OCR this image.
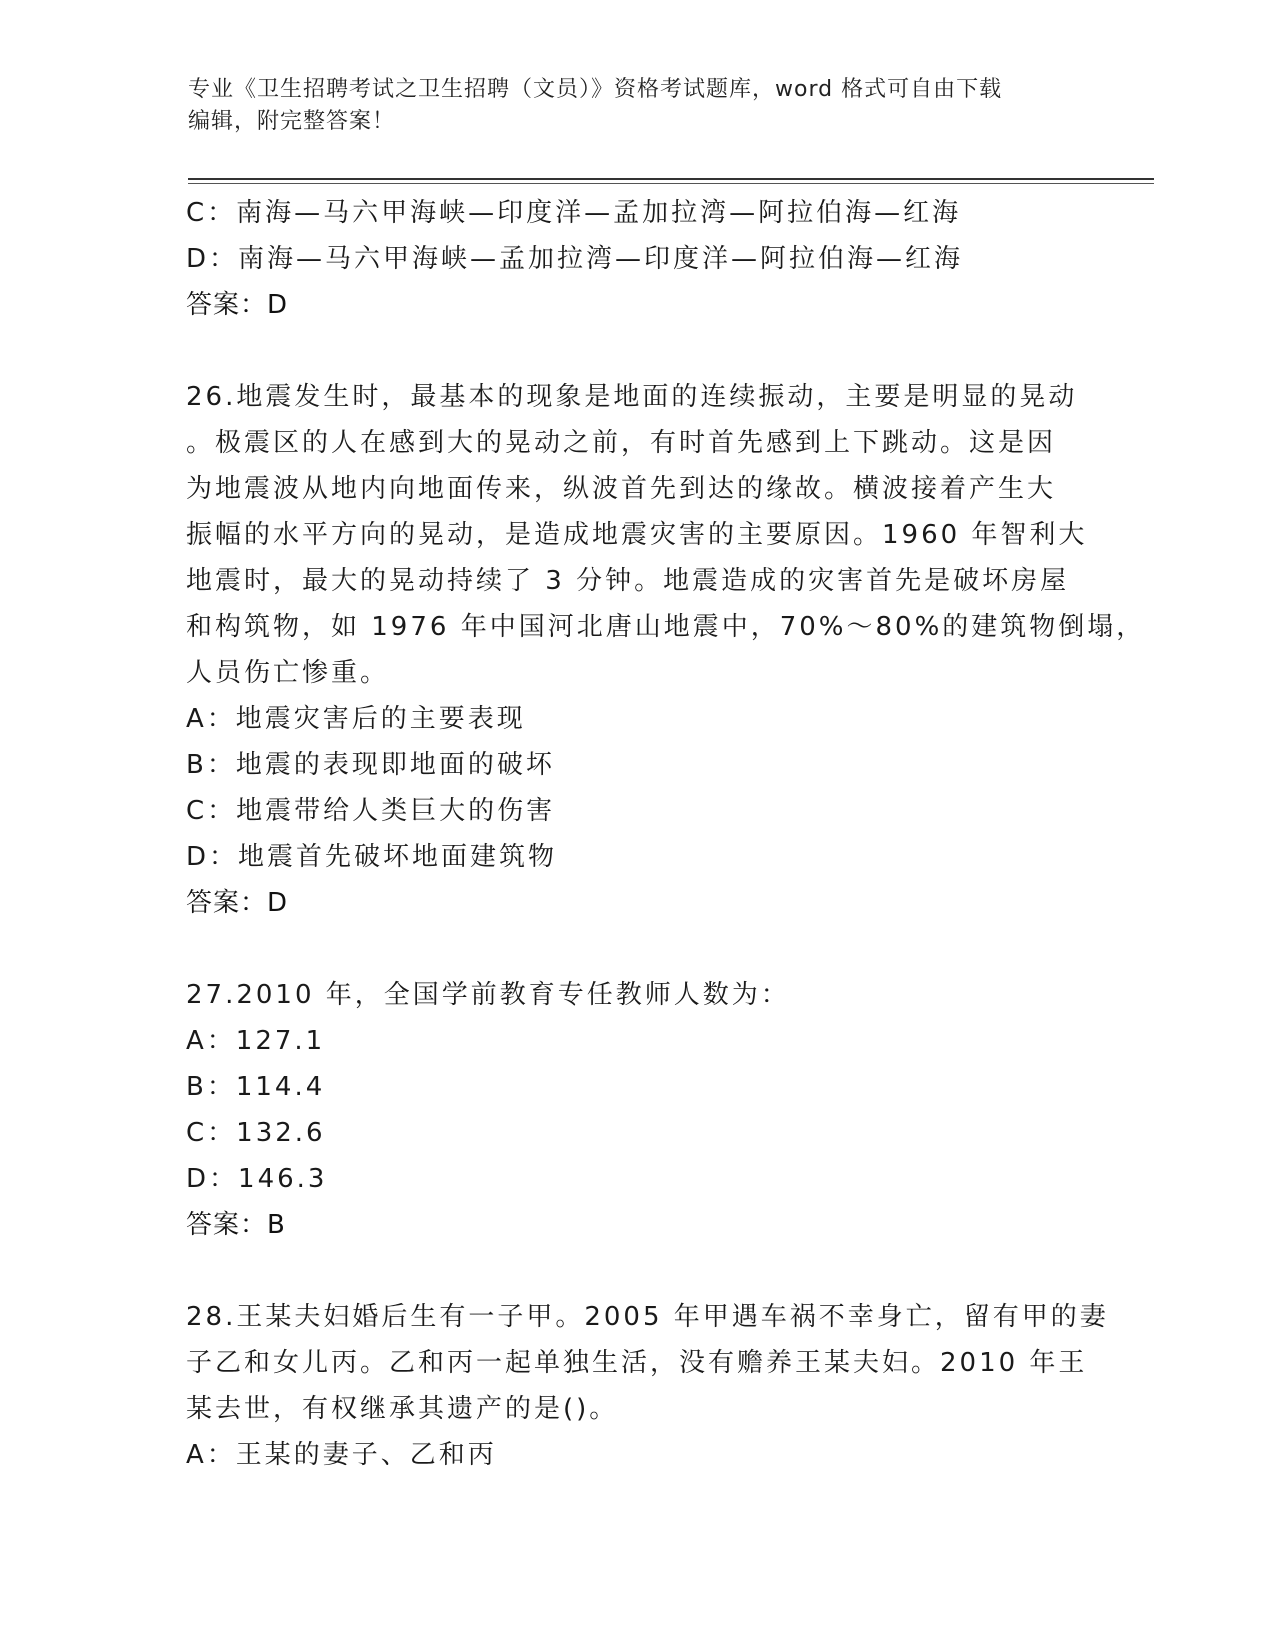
专业《卫生招聘考试之卫生招聘（文员）》资格考试题库，word 格式可自由下载
编辑，附完整答案！
C：南海—马六甲海峡—印度洋—孟加拉湾—阿拉伯海—红海
D：南海—马六甲海峡—孟加拉湾—印度洋—阿拉伯海—红海
答案：D
26.地震发生时，最基本的现象是地面的连续振动，主要是明显的晃动
。极震区的人在感到大的晃动之前，有时首先感到上下跳动。这是因
为地震波从地内向地面传来，纵波首先到达的缘故。横波接着产生大
振幅的水平方向的晃动，是造成地震灾害的主要原因。1960 年智利大
地震时，最大的晃动持续了 3 分钟。地震造成的灾害首先是破坏房屋
和构筑物，如 1976 年中国河北唐山地震中，70%～80%的建筑物倒塌，
人员伤亡惨重。
A：地震灾害后的主要表现
B：地震的表现即地面的破坏
C：地震带给人类巨大的伤害
D：地震首先破坏地面建筑物
答案：D
27.2010 年，全国学前教育专任教师人数为：
A：127.1
B：114.4
C：132.6
D：146.3
答案：B
28.王某夫妇婚后生有一子甲。2005 年甲遇车祸不幸身亡，留有甲的妻
子乙和女儿丙。乙和丙一起单独生活，没有赡养王某夫妇。2010 年王
某去世，有权继承其遗产的是()。
A：王某的妻子、乙和丙
